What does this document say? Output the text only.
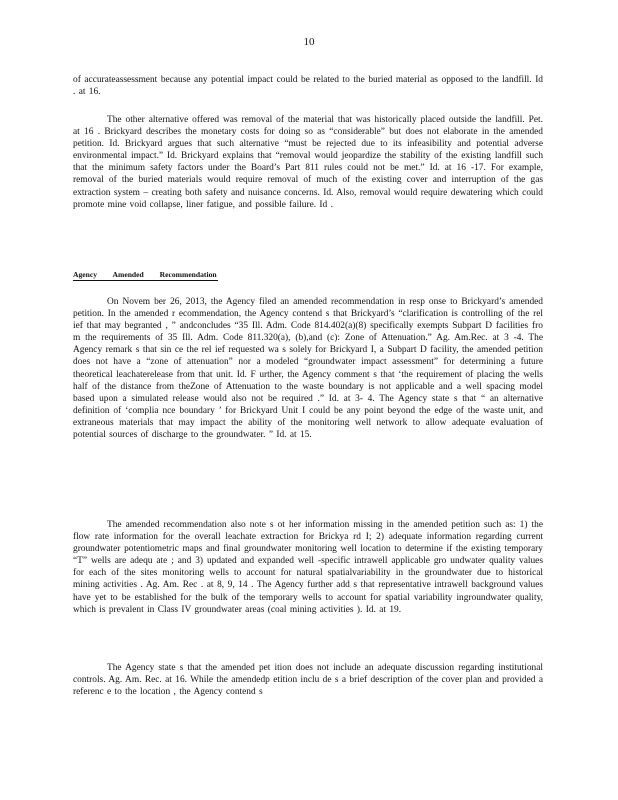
10
of accurateassessment because any potential impact could be related to the buried material as opposed to the landfill. Id . at 16.
The other alternative offered was removal of the material that was historically placed outside the landfill. Pet. at 16 . Brickyard describes the monetary costs for doing so as “considerable” but does not elaborate in the amended petition. Id. Brickyard argues that such alternative “must be rejected due to its infeasibility and potential adverse environmental impact.” Id. Brickyard explains that “removal would jeopardize the stability of the existing landfill such that the minimum safety factors under the Board’s Part 811 rules could not be met.” Id. at 16 -17. For example, removal of the buried materials would require removal of much of the existing cover and interruption of the gas extraction system – creating both safety and nuisance concerns. Id. Also, removal would require dewatering which could promote mine void collapse, liner fatigue, and possible failure. Id .
Agency Amended Recommendation
On Novem ber 26, 2013, the Agency filed an amended recommendation in resp onse to Brickyard’s amended petition. In the amended r ecommendation, the Agency contend s that Brickyard’s “clarification is controlling of the rel ief that may begranted , ” andconcludes “35 Ill. Adm. Code 814.402(a)(8) specifically exempts Subpart D facilities fro m the requirements of 35 Ill. Adm. Code 811.320(a), (b),and (c): Zone of Attenuation.” Ag. Am.Rec. at 3 -4. The Agency remark s that sin ce the rel ief requested wa s solely for Brickyard I, a Subpart D facility, the amended petition does not have a “zone of attenuation” nor a modeled “groundwater impact assessment” for determining a future theoretical leachaterelease from that unit. Id. F urther, the Agency comment s that ‘the requirement of placing the wells half of the distance from theZone of Attenuation to the waste boundary is not applicable and a well spacing model based upon a simulated release would also not be required .” Id. at 3- 4. The Agency state s that “ an alternative definition of ‘complia nce boundary ’ for Brickyard Unit I could be any point beyond the edge of the waste unit, and extraneous materials that may impact the ability of the monitoring well network to allow adequate evaluation of potential sources of discharge to the groundwater. ” Id. at 15.
The amended recommendation also note s ot her information missing in the amended petition such as: 1) the flow rate information for the overall leachate extraction for Brickya rd I; 2) adequate information regarding current groundwater potentiometric maps and final groundwater monitoring well location to determine if the existing temporary “T” wells are adequ ate ; and 3) updated and expanded well -specific intrawell applicable gro undwater quality values for each of the sites monitoring wells to account for natural spatialvariability in the groundwater due to historical mining activities . Ag. Am. Rec . at 8, 9, 14 . The Agency further add s that representative intrawell background values have yet to be established for the bulk of the temporary wells to account for spatial variability ingroundwater quality, which is prevalent in Class IV groundwater areas (coal mining activities ). Id. at 19.
The Agency state s that the amended pet ition does not include an adequate discussion regarding institutional controls. Ag. Am. Rec. at 16. While the amendedp etition inclu de s a brief description of the cover plan and provided a referenc e to the location , the Agency contend s
